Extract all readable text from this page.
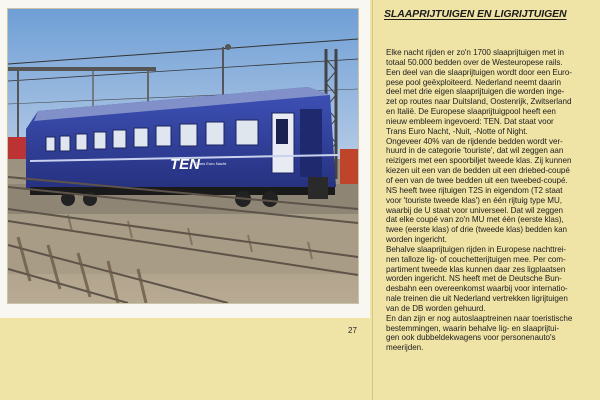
TEN
Trans Euro Nacht
SLAAPRIJTUIGEN EN LIGRIJTUIGEN
Elke nacht rijden er zo'n 1700 slaaprijtuigen met in
totaal 50.000 bedden over de Westeuropese rails.
Een deel van die slaaprijtuigen wordt door een Euro-
pese pool geëxploiteerd. Nederland neemt daarin
deel met drie eigen slaaprijtuigen die worden inge-
zet op routes naar Duitsland, Oostenrijk, Zwitserland
en Italië. De Europese slaaprijtuigpool heeft een
nieuw embleem ingevoerd: TEN. Dat staat voor
Trans Euro Nacht, -Nuit, -Notte of Night.
Ongeveer 40% van de rijdende bedden wordt ver-
huurd in de categorie 'touriste', dat wil zeggen aan
reizigers met een spoorbiljet tweede klas. Zij kunnen
kiezen uit een van de bedden uit een driebed-coupé
of een van de twee bedden uit een tweebed-coupé.
NS heeft twee rijtuigen T2S in eigendom (T2 staat
voor 'touriste tweede klas') en één rijtuig type MU,
waarbij de U staat voor universeel. Dat wil zeggen
dat elke coupé van zo'n MU met één (eerste klas),
twee (eerste klas) of drie (tweede klas) bedden kan
worden ingericht.
Behalve slaaprijtuigen rijden in Europese nachttrei-
nen talloze lig- of couchetterijtuigen mee. Per com-
partiment tweede klas kunnen daar zes ligplaatsen
worden ingericht. NS heeft met de Deutsche Bun-
desbahn een overeenkomst waarbij voor internatio-
nale treinen die uit Nederland vertrekken ligrijtuigen
van de DB worden gehuurd.
En dan zijn er nog autoslaaptreinen naar toeristische
bestemmingen, waarin behalve lig- en slaaprijtui-
gen ook dubbeldekwagens voor personenauto's
meerijden.
27
